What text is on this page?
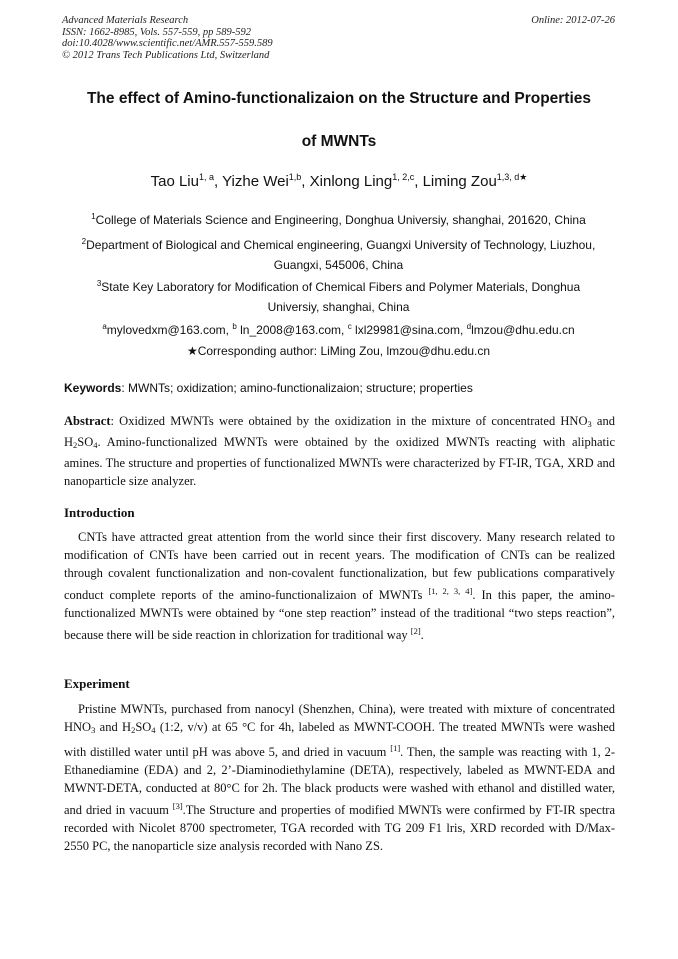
Advanced Materials Research
ISSN: 1662-8985, Vols. 557-559, pp 589-592
doi:10.4028/www.scientific.net/AMR.557-559.589
© 2012 Trans Tech Publications Ltd, Switzerland
Online: 2012-07-26
The effect of Amino-functionalizaion on the Structure and Properties
of MWNTs
Tao Liu$^{1, a}$, Yizhe Wei$^{1,b}$, Xinlong Ling$^{1, 2,c}$, Liming Zou$^{1,3, d★}$
$^1$College of Materials Science and Engineering, Donghua Universiy, shanghai, 201620, China
$^2$Department of Biological and Chemical engineering, Guangxi University of Technology, Liuzhou,
Guangxi, 545006, China
$^3$State Key Laboratory for Modification of Chemical Fibers and Polymer Materials, Donghua
Universiy, shanghai, China
$^a$mylovedxm@163.com, $^b$ ln_2008@163.com, $^c$ lxl29981@sina.com, $^d$lmzou@dhu.edu.cn
★Corresponding author: LiMing Zou, lmzou@dhu.edu.cn
Keywords: MWNTs; oxidization; amino-functionalizaion; structure; properties

Abstract: Oxidized MWNTs were obtained by the oxidization in the mixture of concentrated $HNO_3$ and $H_2SO_4$. Amino-functionalized MWNTs were obtained by the oxidized MWNTs reacting with aliphatic amines. The structure and properties of functionalized MWNTs were characterized by FT-IR, TGA, XRD and nanoparticle size analyzer.

Introduction

CNTs have attracted great attention from the world since their first discovery. Many research related to modification of CNTs have been carried out in recent years. The modification of CNTs can be realized through covalent functionalization and non-covalent functionalization, but few publications comparatively conduct complete reports of the amino-functionalizaion of MWNTs [1, 2, 3, 4]. In this paper, the amino-functionalized MWNTs were obtained by “one step reaction” instead of the traditional “two steps reaction”, because there will be side reaction in chlorization for traditional way [2].

Experiment

Pristine MWNTs, purchased from nanocyl (Shenzhen, China), were treated with mixture of concentrated $HNO_3$ and $H_2SO_4$ (1:2, v/v) at 65 °C for 4h, labeled as MWNT-COOH. The treated MWNTs were washed with distilled water until pH was above 5, and dried in vacuum [1]. Then, the sample was reacting with 1, 2-Ethanediamine (EDA) and 2, 2’-Diaminodiethylamine (DETA), respectively, labeled as MWNT-EDA and MWNT-DETA, conducted at 80°C for 2h. The black products were washed with ethanol and distilled water, and dried in vacuum [3].The Structure and properties of modified MWNTs were confirmed by FT-IR spectra recorded with Nicolet 8700 spectrometer, TGA recorded with TG 209 F1 lris, XRD recorded with D/Max-2550 PC, the nanoparticle size analysis recorded with Nano ZS.
